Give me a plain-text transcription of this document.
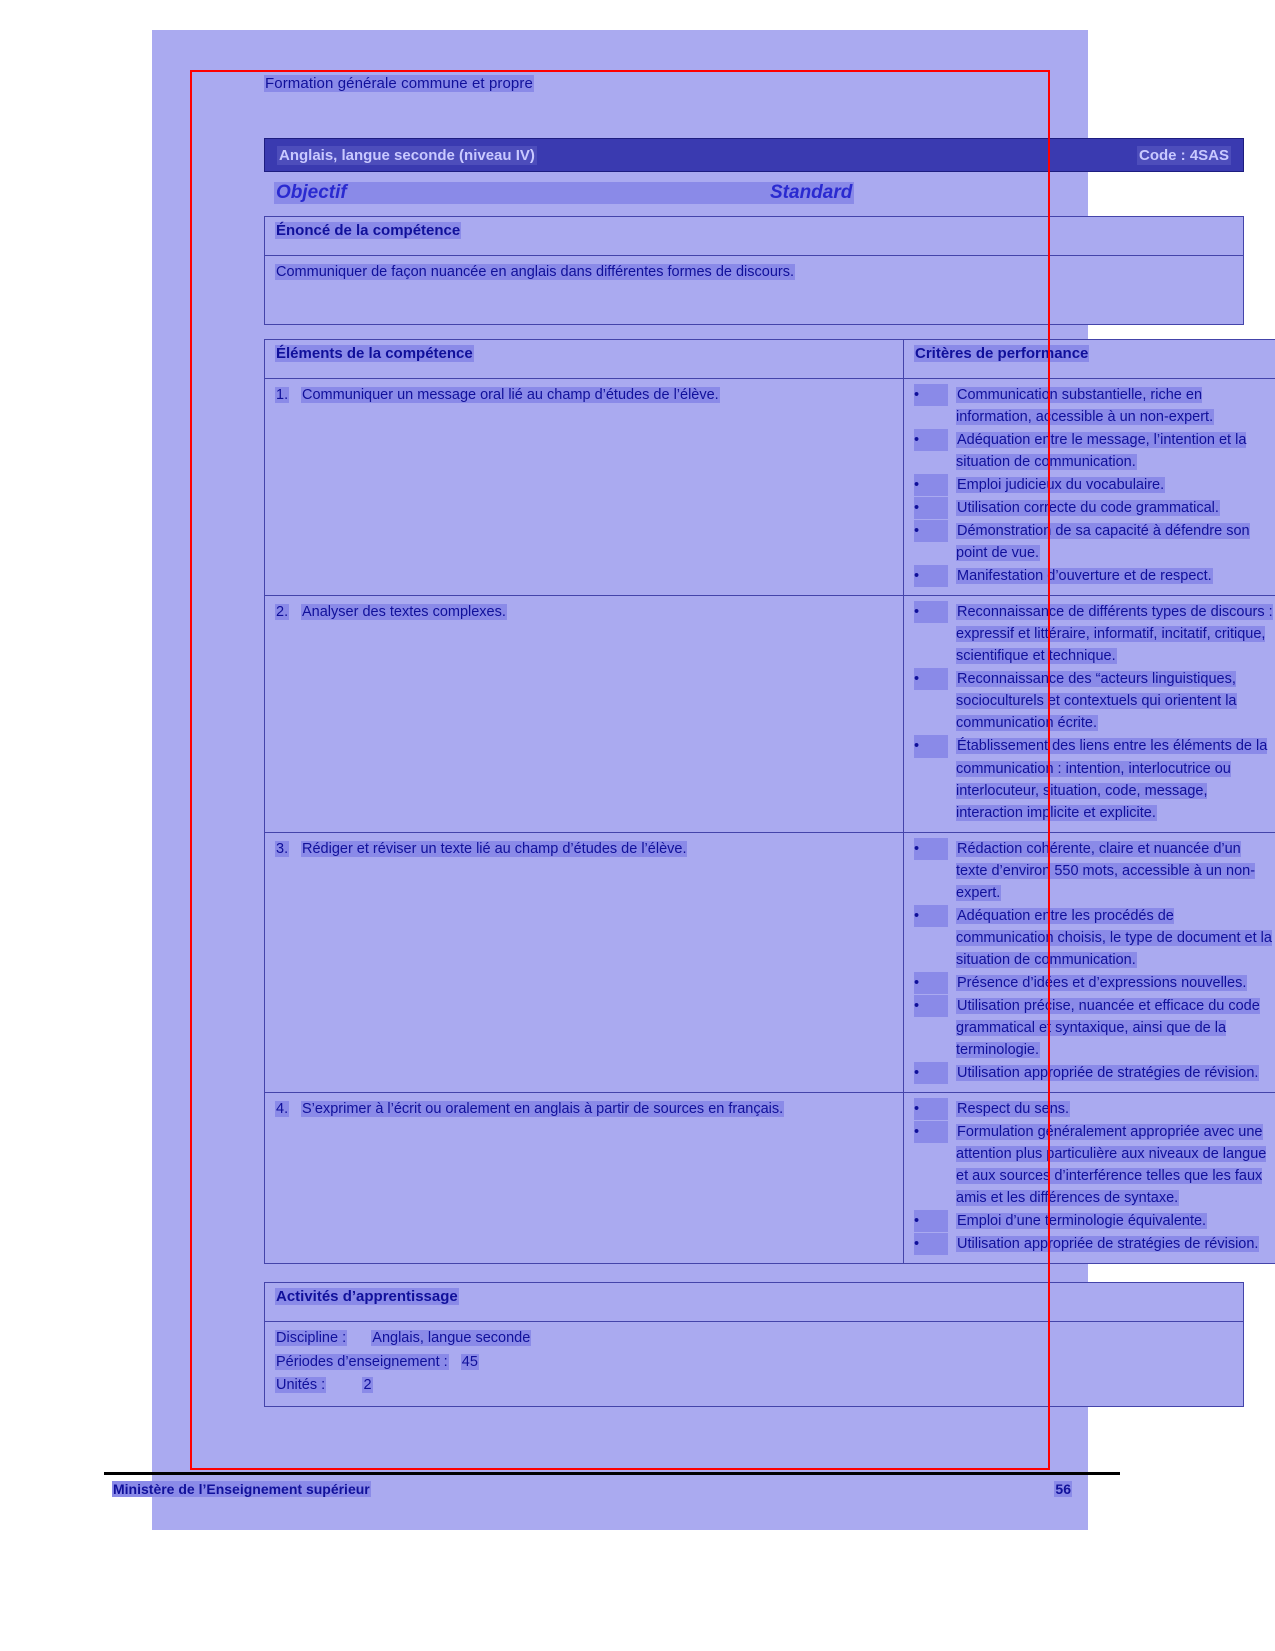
Formation générale commune et propre
Anglais, langue seconde (niveau IV)	Code : 4SAS
Objectif	Standard
Énoncé de la compétence
Communiquer de façon nuancée en anglais dans différentes formes de discours.
Éléments de la compétence	Critères de performance
1. Communiquer un message oral lié au champ d’études de l’élève.	•	Communication substantielle, riche en information, accessible à un non-expert.
•	Adéquation entre le message, l’intention et la situation de communication.
•	Emploi judicieux du vocabulaire.
•	Utilisation correcte du code grammatical.
•	Démonstration de sa capacité à défendre son point de vue.
•	Manifestation d’ouverture et de respect.

2. Analyser des textes complexes.	•	Reconnaissance de différents types de discours : expressif et littéraire, informatif, incitatif, critique, scientifique et technique.
•	Reconnaissance des “acteurs linguistiques, socioculturels et contextuels qui orientent la communication écrite.
•	Établissement des liens entre les éléments de la communication : intention, interlocutrice ou interlocuteur, situation, code, message, interaction implicite et explicite.

3. Rédiger et réviser un texte lié au champ d’études de l’élève.	•	Rédaction cohérente, claire et nuancée d’un texte d’environ 550 mots, accessible à un non-expert.
•	Adéquation entre les procédés de communication choisis, le type de document et la situation de communication.
•	Présence d’idées et d’expressions nouvelles.
•	Utilisation précise, nuancée et efficace du code grammatical et syntaxique, ainsi que de la terminologie.
•	Utilisation appropriée de stratégies de révision.

4. S’exprimer à l’écrit ou oralement en anglais à partir de sources en français.	•	Respect du sens.
•	Formulation généralement appropriée avec une attention plus particulière aux niveaux de langue et aux sources d’interférence telles que les faux amis et les différences de syntaxe.
•	Emploi d’une terminologie équivalente.
•	Utilisation appropriée de stratégies de révision.
Activités d’apprentissage

Discipline : Anglais, langue seconde
Périodes d’enseignement : 45
Unités :	2
Ministère de l’Enseignement supérieur	56
